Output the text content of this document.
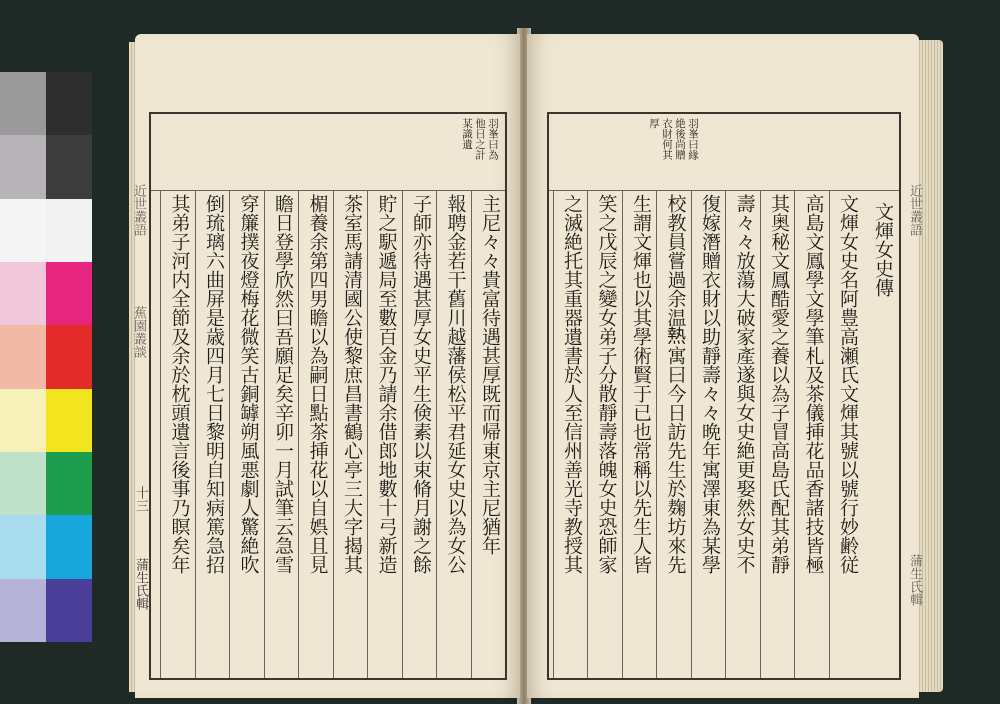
羽峯曰為
他日之計
某識遺
主尼々々貴富待遇甚厚既而帰東京主尼猶年
報聘金若干舊川越藩侯松平君延女史以為女公
子師亦待遇甚厚女史平生倹素以束脩月謝之餘
貯之駅遞局至數百金乃請余借郎地數十弓新造
茶室馬請清國公使黎庶昌書鶴心亭三大字揭其
楣養余第四男瞻以為嗣日點茶挿花以自娯且見
瞻日登學欣然曰吾願足矣辛卯一月試筆云急雪
穿簾撲夜燈梅花微笑古銅罅朔風悪劇人驚絶吹
倒琉璃六曲屏是歳四月七日黎明自知病篤急招
其弟子河内全節及余於枕頭遺言後事乃瞑矣年
近世叢語
蕉園叢談
十三
蒲生氏輯
羽峯曰緣
絶後尚贈
衣財何其
厚
文煇女史傳
文煇女史名阿豊高瀬氏文煇其號以號行妙齢従
高島文鳳學文學筆札及茶儀挿花品香諸技皆極
其奥秘文鳳酷愛之養以為子冒高島氏配其弟靜
壽々々放蕩大破家產遂與女史絶更娶然女史不
復嫁潛贈衣財以助靜壽々々晩年寓澤東為某學
校教員嘗過余温𤍠寓曰今日訪先生於麹坊來先
生謂文煇也以其學術賢于已也常稱以先生人皆
笑之戊辰之變女弟子分散靜壽落魄女史恐師家
之滅絶托其重器遺書於人至信州善光寺教授其	近世叢語
蒲生氏輯
